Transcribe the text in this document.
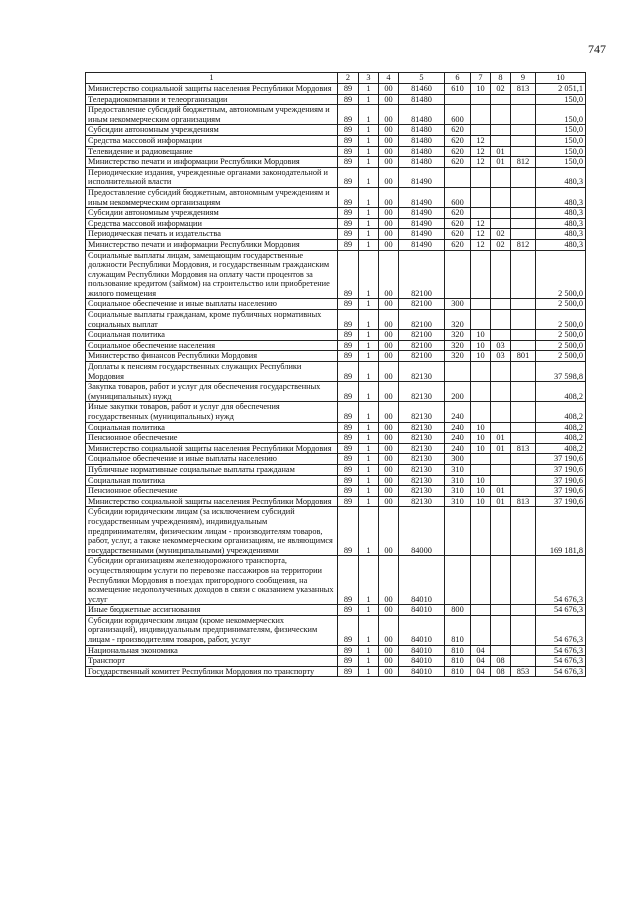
747
1	2	3	4	5	6	7	8	9	10
Министерство социальной защиты населения Республики Мордовия	89	1	00	81460	610	10	02	813	2 051,1
Телерадиокомпании и телеорганизации	89	1	00	81480					150,0
Предоставление субсидий бюджетным, автономным учреждениям и иным некоммерческим организациям	89	1	00	81480	600				150,0
Субсидии автономным учреждениям	89	1	00	81480	620				150,0
Средства массовой информации	89	1	00	81480	620	12			150,0
Телевидение и радиовещание	89	1	00	81480	620	12	01		150,0
Министерство печати и информации Республики Мордовия	89	1	00	81480	620	12	01	812	150,0
Периодические издания, учрежденные органами законодательной и исполнительной власти	89	1	00	81490					480,3
Предоставление субсидий бюджетным, автономным учреждениям и иным некоммерческим организациям	89	1	00	81490	600				480,3
Субсидии автономным учреждениям	89	1	00	81490	620				480,3
Средства массовой информации	89	1	00	81490	620	12			480,3
Периодическая печать и издательства	89	1	00	81490	620	12	02		480,3
Министерство печати и информации Республики Мордовия	89	1	00	81490	620	12	02	812	480,3
Социальные выплаты лицам, замещающим государственные должности Республики Мордовия, и государственным гражданским служащим Республики Мордовия на оплату части процентов за пользование кредитом (займом) на строительство или приобретение жилого помещения	89	1	00	82100					2 500,0
Социальное обеспечение и иные выплаты населению	89	1	00	82100	300				2 500,0
Социальные выплаты гражданам, кроме публичных нормативных социальных выплат	89	1	00	82100	320				2 500,0
Социальная политика	89	1	00	82100	320	10			2 500,0
Социальное обеспечение населения	89	1	00	82100	320	10	03		2 500,0
Министерство финансов Республики Мордовия	89	1	00	82100	320	10	03	801	2 500,0
Доплаты к пенсиям государственных служащих Республики Мордовия	89	1	00	82130					37 598,8
Закупка товаров, работ и услуг для обеспечения государственных (муниципальных) нужд	89	1	00	82130	200				408,2
Иные закупки товаров, работ и услуг для обеспечения государственных (муниципальных) нужд	89	1	00	82130	240				408,2
Социальная политика	89	1	00	82130	240	10			408,2
Пенсионное обеспечение	89	1	00	82130	240	10	01		408,2
Министерство социальной защиты населения Республики Мордовия	89	1	00	82130	240	10	01	813	408,2
Социальное обеспечение и иные выплаты населению	89	1	00	82130	300				37 190,6
Публичные нормативные социальные выплаты гражданам	89	1	00	82130	310				37 190,6
Социальная политика	89	1	00	82130	310	10			37 190,6
Пенсионное обеспечение	89	1	00	82130	310	10	01		37 190,6
Министерство социальной защиты населения Республики Мордовия	89	1	00	82130	310	10	01	813	37 190,6
Субсидии юридическим лицам (за исключением субсидий государственным учреждениям), индивидуальным предпринимателям, физическим лицам - производителям товаров, работ, услуг, а также некоммерческим организациям, не являющимся государственными (муниципальными) учреждениями	89	1	00	84000					169 181,8
Субсидии организациям железнодорожного транспорта, осуществляющим услуги по перевозке пассажиров на территории Республики Мордовия в поездах пригородного сообщения, на возмещение недополученных доходов в связи с оказанием указанных услуг	89	1	00	84010					54 676,3
Иные бюджетные ассигнования	89	1	00	84010	800				54 676,3
Субсидии юридическим лицам (кроме некоммерческих организаций), индивидуальным предпринимателям, физическим лицам - производителям товаров, работ, услуг	89	1	00	84010	810				54 676,3
Национальная экономика	89	1	00	84010	810	04			54 676,3
Транспорт	89	1	00	84010	810	04	08		54 676,3
Государственный комитет Республики Мордовия по транспорту	89	1	00	84010	810	04	08	853	54 676,3
